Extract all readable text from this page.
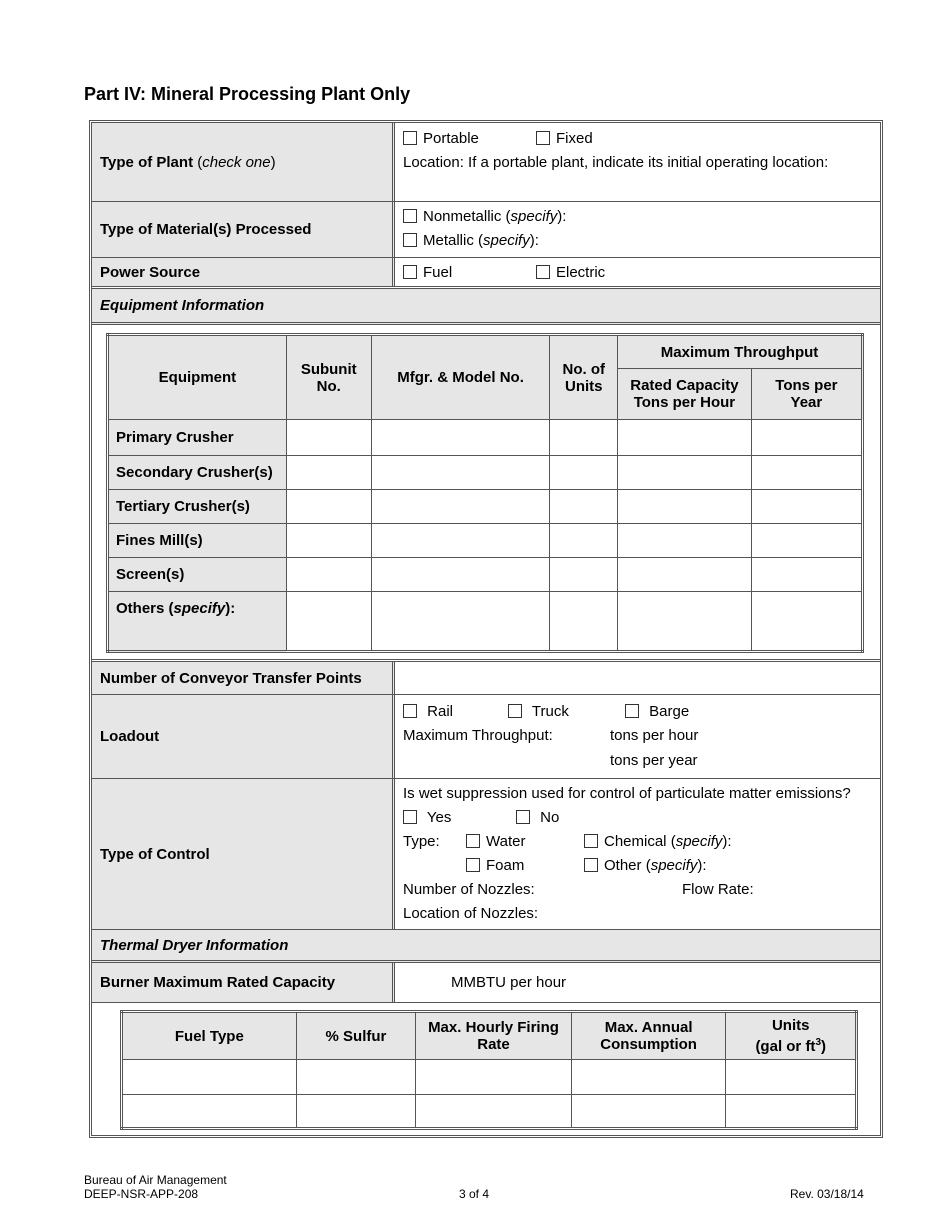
Part IV: Mineral Processing Plant Only
Type of Plant ( check one )
Portable	Fixed
Location: If a portable plant, indicate its initial operating location:
Type of Material(s) Processed
Nonmetallic (specify):
Metallic (specify):
Power Source	Fuel	Electric
Equipment Information
Equipment	Subunit No.	Mfgr. & Model No.	No. of Units	Maximum Throughput	
				Rated Capacity Tons per Hour	Tons per Year
Primary Crusher					
Secondary Crusher(s)					
Tertiary Crusher(s)					
Fines Mill(s)					
Screen(s)					
Others (specify):					
Number of Conveyor Transfer Points
Loadout
Rail	Truck	Barge
Maximum Throughput:	tons per hour
tons per year
Type of Control
Is wet suppression used for control of particulate matter emissions?
Yes	No
Type:	Water	Chemical (specify):
Foam	Other (specify):
Number of Nozzles:	Flow Rate:
Location of Nozzles:
Thermal Dryer Information
Burner Maximum Rated Capacity	MMBTU per hour
Fuel Type	% Sulfur	Max. Hourly Firing Rate	Max. Annual Consumption	Units
(gal or $ft^3$)

Bureau of Air Management
DEEP-NSR-APP-208	3 of 4	Rev. 03/18/14
